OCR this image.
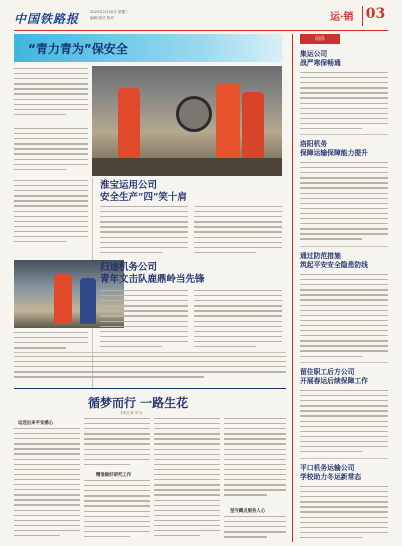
中国铁路报	2024年2月20日 星期二
编辑 版式 校对	运·销 03
“青力青为”保安全
淮宝运用公司
安全生产“四”笑十肩
归途机务公司
青年文击队鹿鼎岭当先锋
循梦而行 一路生花
本报记者 李 杨
运送出来平安感心
精准做好研究工作
坚守蹲点服务人心
前沿
集运公司
战严寒保畅通
洛阳机务
保障运输保障能力提升
通过防范措施
筑起平安安全隐患防线
留住职工后方公司
开展春运后续保障工作
平口机务运输公司
学校助力冬运新常态
